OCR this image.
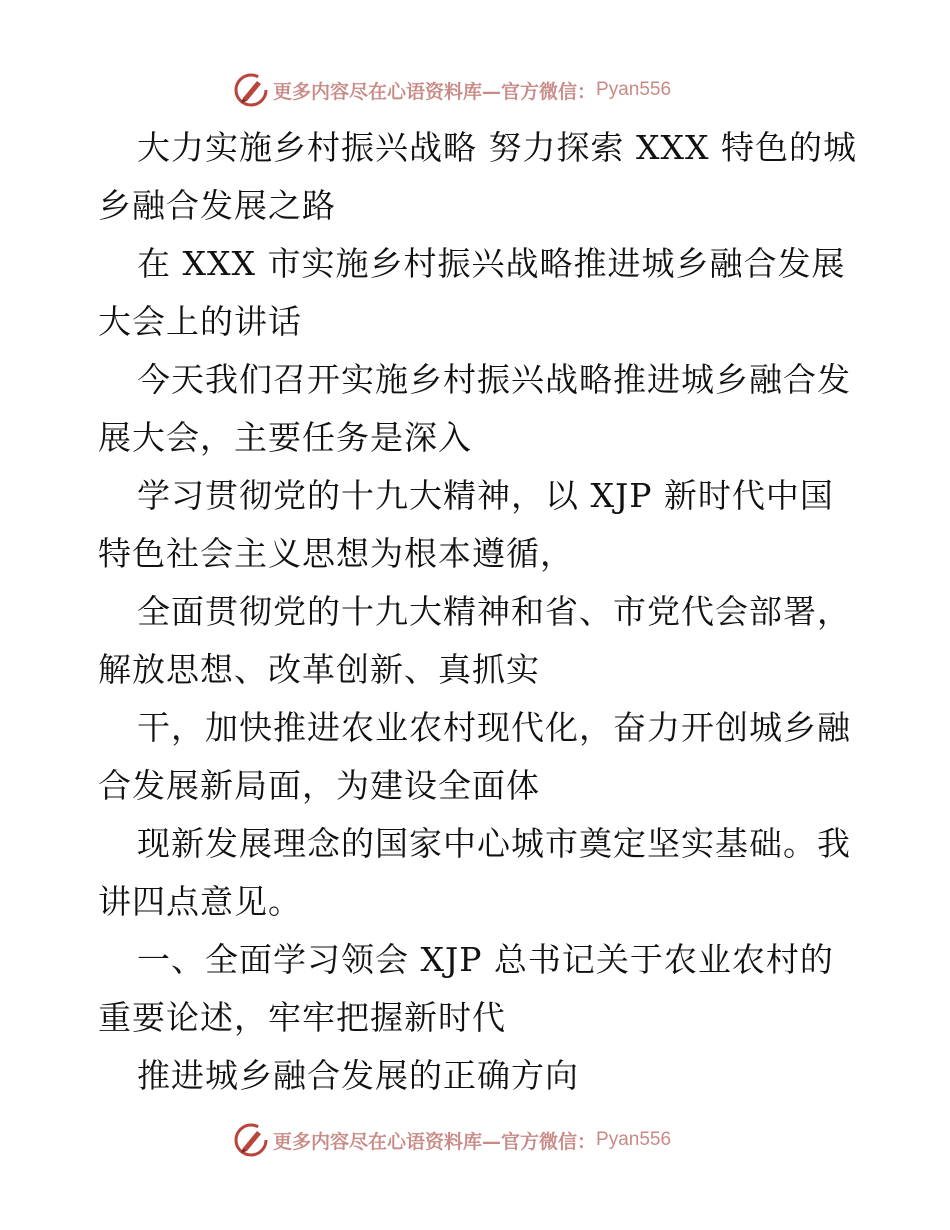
更多内容尽在心语资料库—官方微信： Pyan556
大力实施乡村振兴战略 努力探索 XXX 特色的城
乡融合发展之路
在 XXX 市实施乡村振兴战略推进城乡融合发展
大会上的讲话
今天我们召开实施乡村振兴战略推进城乡融合发
展大会，主要任务是深入
学习贯彻党的十九大精神，以 XJP 新时代中国
特色社会主义思想为根本遵循，
全面贯彻党的十九大精神和省、市党代会部署，
解放思想、改革创新、真抓实
干，加快推进农业农村现代化，奋力开创城乡融
合发展新局面，为建设全面体
现新发展理念的国家中心城市奠定坚实基础。我
讲四点意见。
一、全面学习领会 XJP 总书记关于农业农村的
重要论述，牢牢把握新时代
推进城乡融合发展的正确方向
更多内容尽在心语资料库—官方微信： Pyan556
